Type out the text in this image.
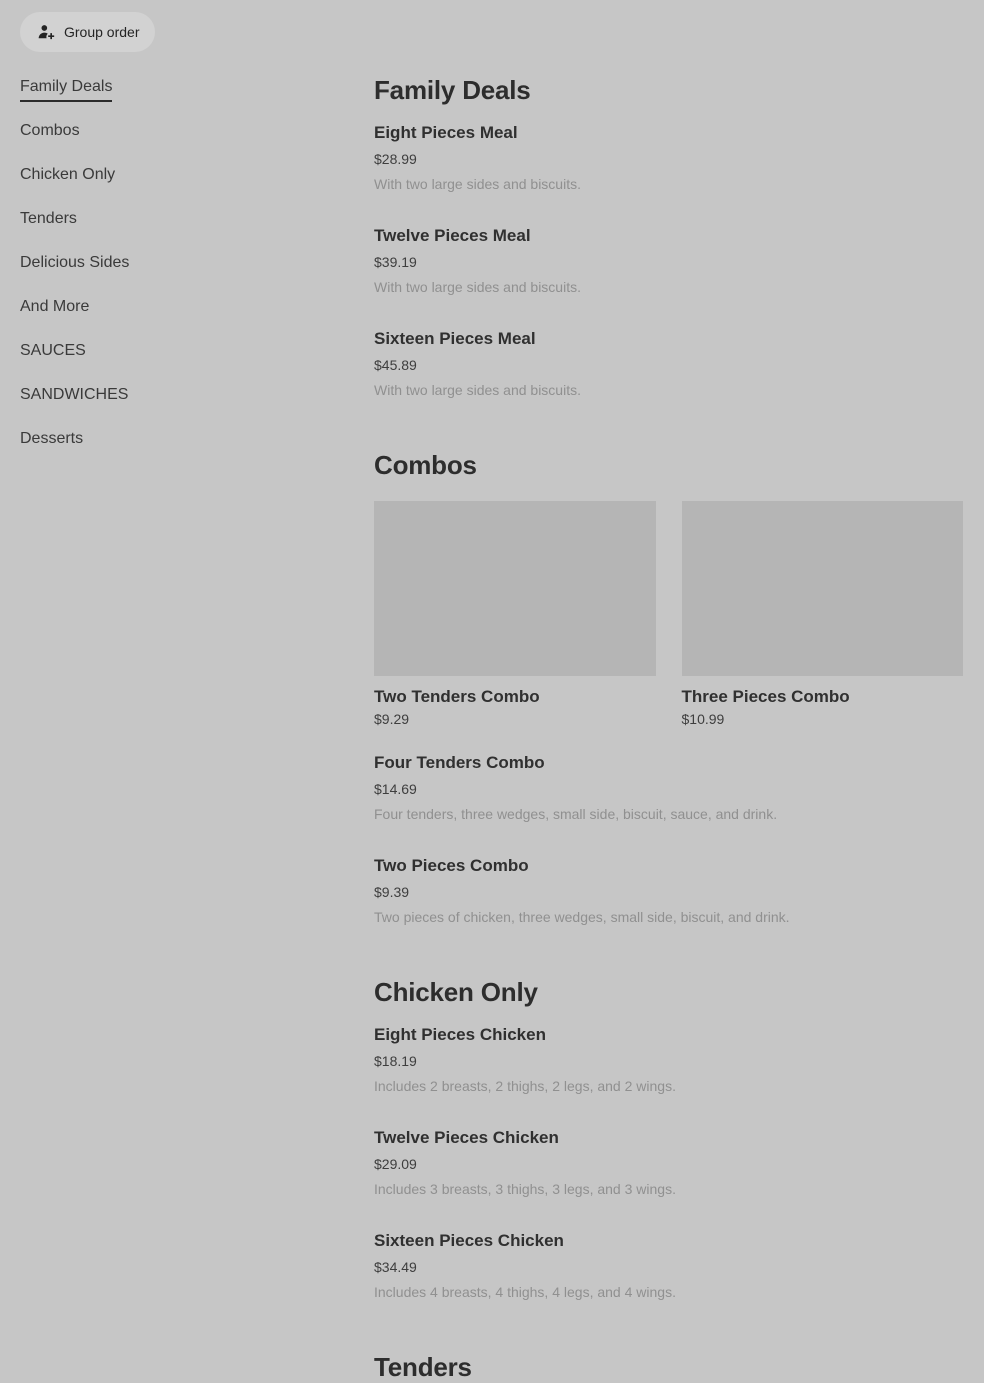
Group order
Family Deals
Combos
Chicken Only
Tenders
Delicious Sides
And More
SAUCES
SANDWICHES
Desserts
Family Deals
Eight Pieces Meal
$28.99
With two large sides and biscuits.
Twelve Pieces Meal
$39.19
With two large sides and biscuits.
Sixteen Pieces Meal
$45.89
With two large sides and biscuits.
Combos
Two Tenders Combo
$9.29
Three Pieces Combo
$10.99
Four Tenders Combo
$14.69
Four tenders, three wedges, small side, biscuit, sauce, and drink.
Two Pieces Combo
$9.39
Two pieces of chicken, three wedges, small side, biscuit, and drink.
Chicken Only
Eight Pieces Chicken
$18.19
Includes 2 breasts, 2 thighs, 2 legs, and 2 wings.
Twelve Pieces Chicken
$29.09
Includes 3 breasts, 3 thighs, 3 legs, and 3 wings.
Sixteen Pieces Chicken
$34.49
Includes 4 breasts, 4 thighs, 4 legs, and 4 wings.
Tenders
